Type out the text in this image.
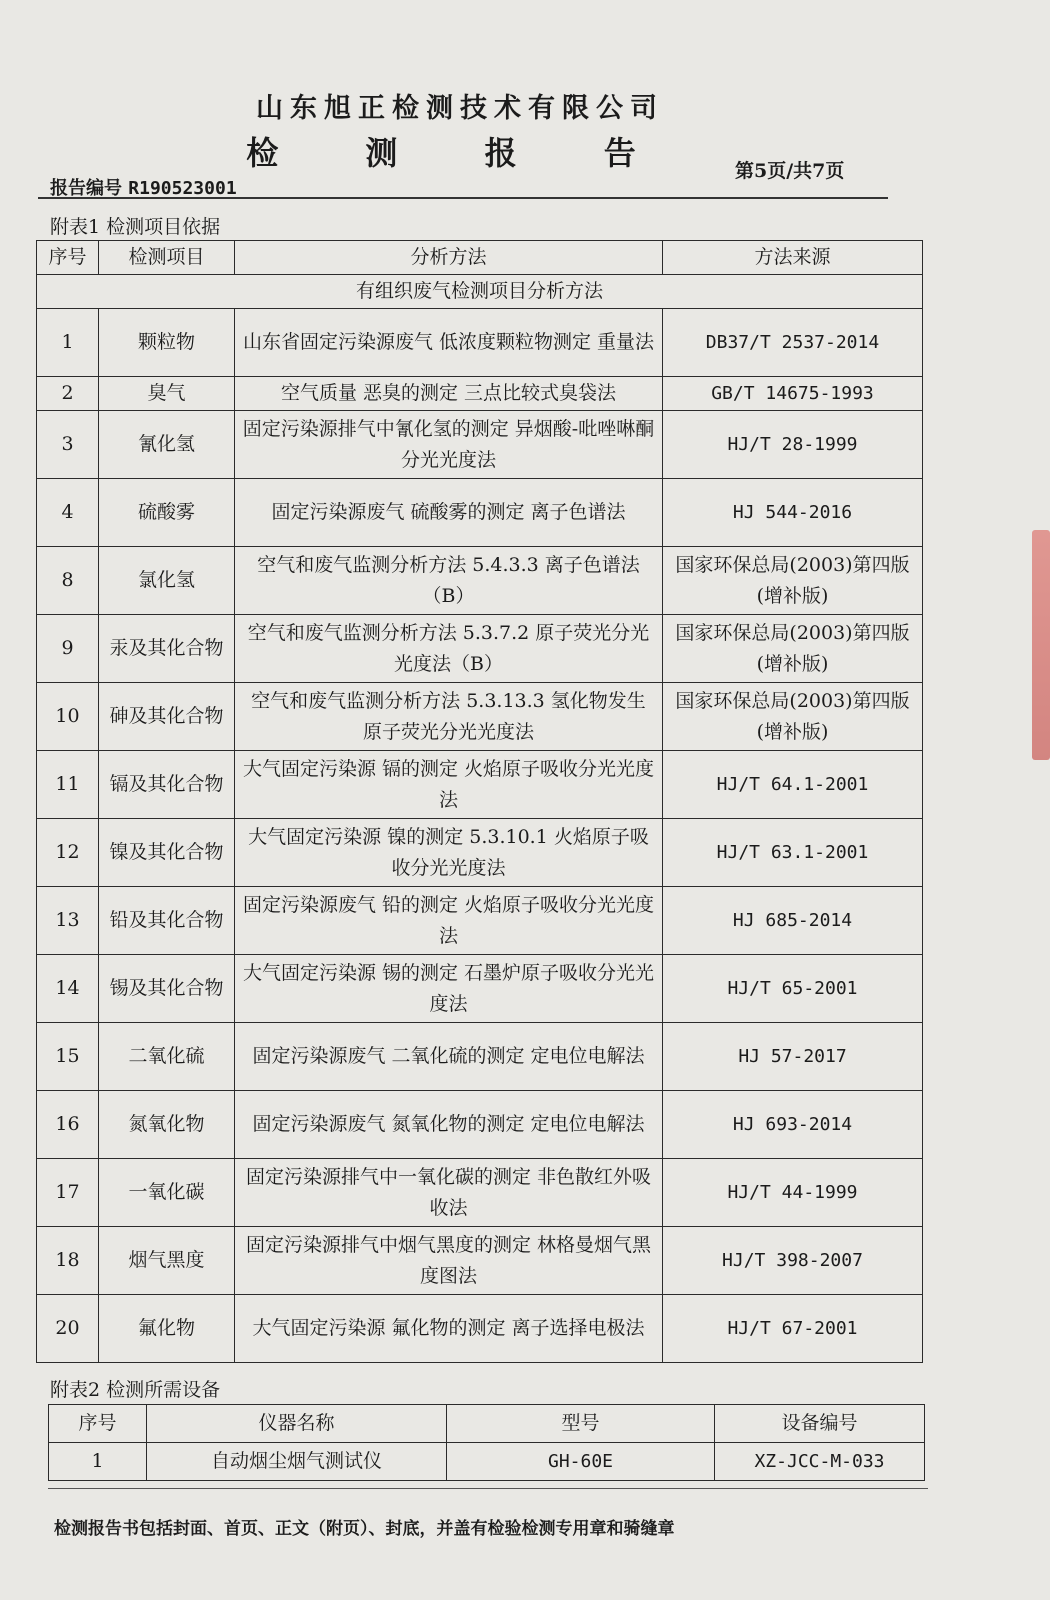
山东旭正检测技术有限公司
检 测 报 告
报告编号 R190523001
第5页/共7页
附表1 检测项目依据
序号	检测项目	分析方法	方法来源
有组织废气检测项目分析方法			
1	颗粒物	山东省固定污染源废气 低浓度颗粒物测定 重量法	DB37/T 2537-2014
2	臭气	空气质量 恶臭的测定 三点比较式臭袋法	GB/T 14675-1993
3	氰化氢	固定污染源排气中氰化氢的测定 异烟酸-吡唑啉酮分光光度法	HJ/T 28-1999
4	硫酸雾	固定污染源废气 硫酸雾的测定 离子色谱法	HJ 544-2016
8	氯化氢	空气和废气监测分析方法 5.4.3.3 离子色谱法（B）	国家环保总局(2003)第四版(增补版)
9	汞及其化合物	空气和废气监测分析方法 5.3.7.2 原子荧光分光光度法（B）	国家环保总局(2003)第四版(增补版)
10	砷及其化合物	空气和废气监测分析方法 5.3.13.3 氢化物发生 原子荧光分光光度法	国家环保总局(2003)第四版(增补版)
11	镉及其化合物	大气固定污染源 镉的测定 火焰原子吸收分光光度法	HJ/T 64.1-2001
12	镍及其化合物	大气固定污染源 镍的测定 5.3.10.1 火焰原子吸收分光光度法	HJ/T 63.1-2001
13	铅及其化合物	固定污染源废气 铅的测定 火焰原子吸收分光光度法	HJ 685-2014
14	锡及其化合物	大气固定污染源 锡的测定 石墨炉原子吸收分光光度法	HJ/T 65-2001
15	二氧化硫	固定污染源废气 二氧化硫的测定 定电位电解法	HJ 57-2017
16	氮氧化物	固定污染源废气 氮氧化物的测定 定电位电解法	HJ 693-2014
17	一氧化碳	固定污染源排气中一氧化碳的测定 非色散红外吸收法	HJ/T 44-1999
18	烟气黑度	固定污染源排气中烟气黑度的测定 林格曼烟气黑度图法	HJ/T 398-2007
20	氟化物	大气固定污染源 氟化物的测定 离子选择电极法	HJ/T 67-2001
附表2 检测所需设备
序号	仪器名称	型号	设备编号
1	自动烟尘烟气测试仪	GH-60E	XZ-JCC-M-033
检测报告书包括封面、首页、正文（附页）、封底，并盖有检验检测专用章和骑缝章
